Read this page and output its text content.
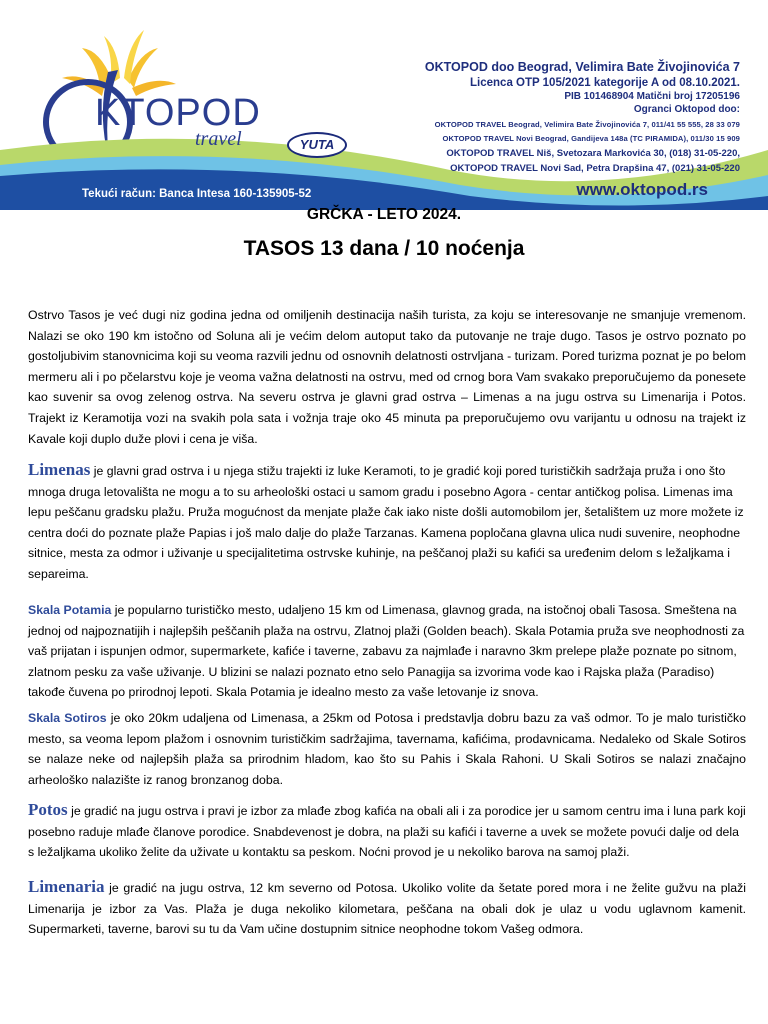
KTOPOD
travel	YUTA
Tekući račun: Banca Intesa 160-135905-52
OKTOPOD doo Beograd, Velimira Bate Živojinovića 7
Licenca OTP 105/2021 kategorije A od 08.10.2021.
PIB 101468904 Matični broj 17205196
Ogranci Oktopod doo:
OKTOPOD TRAVEL Beograd, Velimira Bate Živojinovića 7, 011/41 55 555, 28 33 079
OKTOPOD TRAVEL Novi Beograd, Gandijeva 148a (TC PIRAMIDA), 011/30 15 909
OKTOPOD TRAVEL Niš, Svetozara Markovića 30, (018) 31-05-220,
OKTOPOD TRAVEL Novi Sad, Petra Drapšina 47, (021) 31-05-220
www.oktopod.rs
GRČKA - LETO 2024.
TASOS 13 dana / 10 noćenja

Ostrvo Tasos je već dugi niz godina jedna od omiljenih destinacija naših turista, za koju se interesovanje ne smanjuje vremenom. Nalazi se oko 190 km istočno od Soluna ali je većim delom autoput tako da putovanje ne traje dugo. Tasos je ostrvo poznato po gostoljubivim stanovnicima koji su veoma razvili jednu od osnovnih delatnosti ostrvljana - turizam. Pored turizma poznat je po belom mermeru ali i po pčelarstvu koje je veoma važna delatnosti na ostrvu, med od crnog bora Vam svakako preporučujemo da ponesete kao suvenir sa ovog zelenog ostrva. Na severu ostrva je glavni grad ostrva – Limenas a na jugu ostrva su Limenarija i Potos. Trajekt iz Keramotija vozi na svakih pola sata i vožnja traje oko 45 minuta pa preporučujemo ovu varijantu u odnosu na trajekt iz Kavale koji duplo duže plovi i cena je viša.

Limenas je glavni grad ostrva i u njega stižu trajekti iz luke Keramoti, to je gradić koji pored turističkih sadržaja pruža i ono što mnoga druga letovališta ne mogu a to su arheološki ostaci u samom gradu i posebno Agora - centar antičkog polisa. Limenas ima lepu peščanu gradsku plažu. Pruža mogućnost da menjate plaže čak iako niste došli automobilom jer, šetalištem uz more možete iz centra doći do poznate plaže Papias i još malo dalje do plaže Tarzanas. Kamena popločana glavna ulica nudi suvenire, neophodne sitnice, mesta za odmor i uživanje u specijalitetima ostrvske kuhinje, na peščanoj plaži su kafići sa uređenim delom s ležaljkama i separeima.

Skala Potamia je popularno turističko mesto, udaljeno 15 km od Limenasa, glavnog grada, na istočnoj obali Tasosa. Smeštena na jednoj od najpoznatijih i najlepših peščanih plaža na ostrvu, Zlatnoj plaži (Golden beach). Skala Potamia pruža sve neophodnosti za vaš prijatan i ispunjen odmor, supermarkete, kafiće i taverne, zabavu za najmlađe i naravno 3km prelepe plaže poznate po sitnom, zlatnom pesku za vaše uživanje. U blizini se nalazi poznato etno selo Panagija sa izvorima vode kao i Rajska plaža (Paradiso) takođe čuvena po prirodnoj lepoti. Skala Potamia je idealno mesto za vaše letovanje iz snova.

Skala Sotiros je oko 20km udaljena od Limenasa, a 25km od Potosa i predstavlja dobru bazu za vaš odmor. To je malo turističko mesto, sa veoma lepom plažom i osnovnim turističkim sadržajima, tavernama, kafićima, prodavnicama. Nedaleko od Skale Sotiros se nalaze neke od najlepših plaža sa prirodnim hladom, kao što su Pahis i Skala Rahoni. U Skali Sotiros se nalazi značajno arheološko nalazište iz ranog bronzanog doba.

Potos je gradić na jugu ostrva i pravi je izbor za mlađe zbog kafića na obali ali i za porodice jer u samom centru ima i luna park koji posebno raduje mlađe članove porodice. Snabdevenost je dobra, na plaži su kafići i taverne a uvek se možete povući dalje od dela s ležaljkama ukoliko želite da uživate u kontaktu sa peskom. Noćni provod je u nekoliko barova na samoj plaži.

Limenaria je gradić na jugu ostrva, 12 km severno od Potosa. Ukoliko volite da šetate pored mora i ne želite gužvu na plaži Limenarija je izbor za Vas. Plaža je duga nekoliko kilometara, peščana na obali dok je ulaz u vodu uglavnom kamenit. Supermarketi, taverne, barovi su tu da Vam učine dostupnim sitnice neophodne tokom Vašeg odmora.
